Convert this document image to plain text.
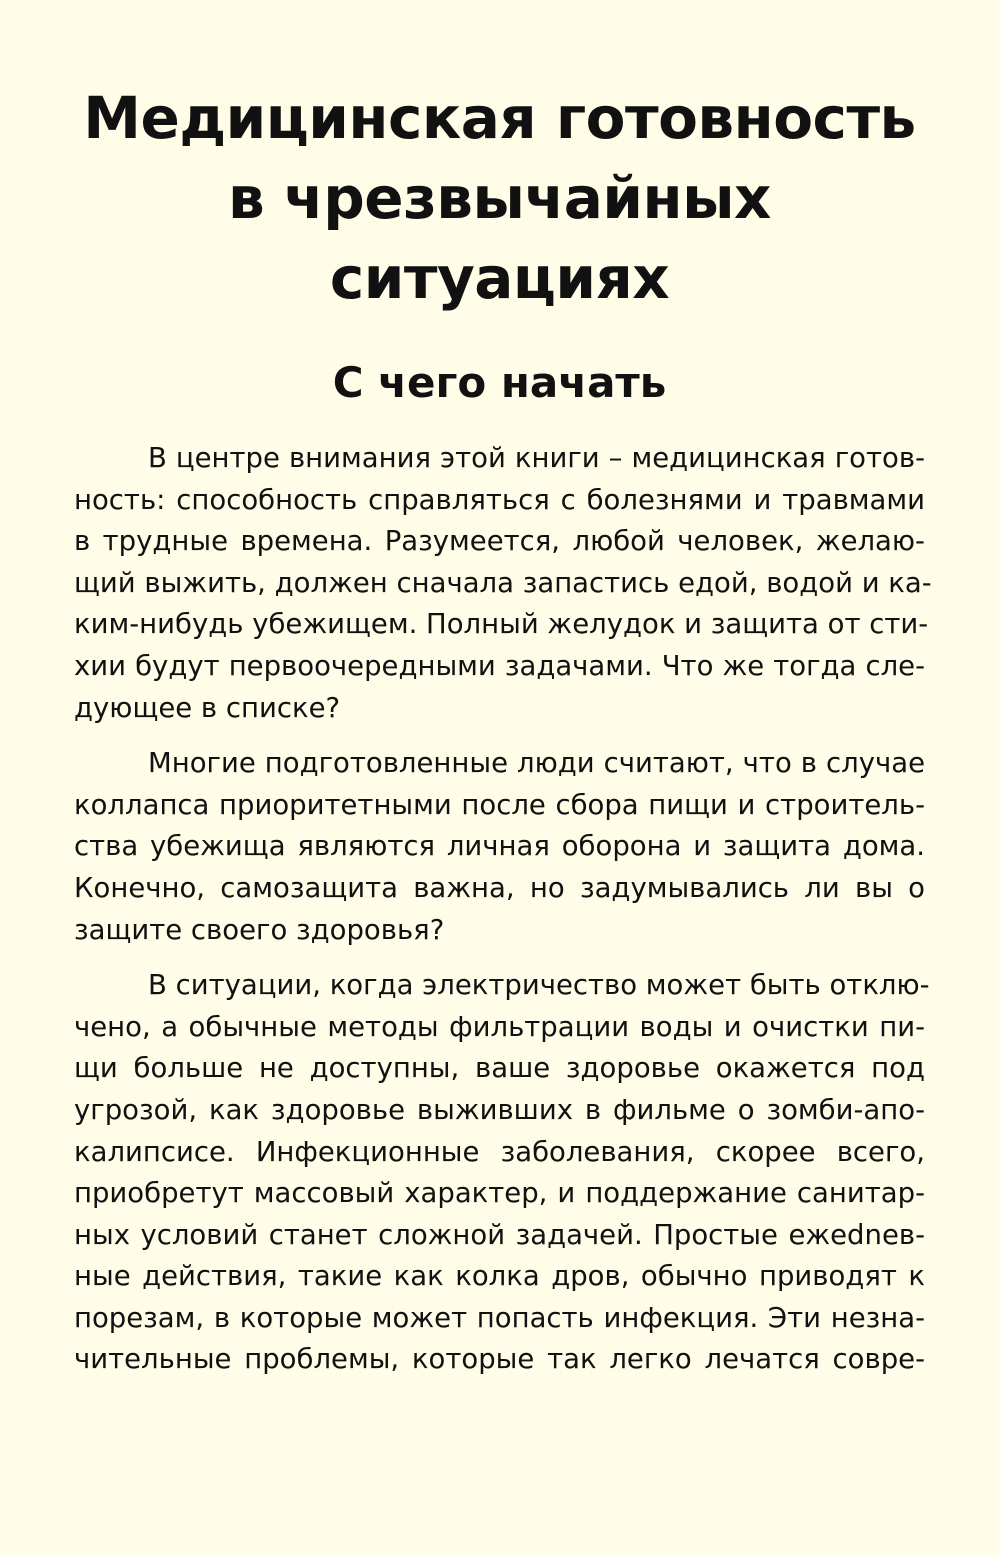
Медицинская готовность
в чрезвычайных
ситуациях
С чего начать

В центре внимания этой книги – медицинская готов-
ность: способность справляться с болезнями и травмами
в трудные времена. Разумеется, любой человек, желаю-
щий выжить, должен сначала запастись едой, водой и ка-
ким-нибудь убежищем. Полный желудок и защита от сти-
хии будут первоочередными задачами. Что же тогда сле-
дующее в списке?

Многие подготовленные люди считают, что в случае
коллапса приоритетными после сбора пищи и строитель-
ства убежища являются личная оборона и защита дома.
Конечно, самозащита важна, но задумывались ли вы о
защите своего здоровья?

В ситуации, когда электричество может быть отклю-
чено, а обычные методы фильтрации воды и очистки пи-
щи больше не доступны, ваше здоровье окажется под
угрозой, как здоровье выживших в фильме о зомби-апо-
калипсисе. Инфекционные заболевания, скорее всего,
приобретут массовый характер, и поддержание санитар-
ных условий станет сложной задачей. Простые ежednев-
ные действия, такие как колка дров, обычно приводят к
порезам, в которые может попасть инфекция. Эти незна-
чительные проблемы, которые так легко лечатся совре-
